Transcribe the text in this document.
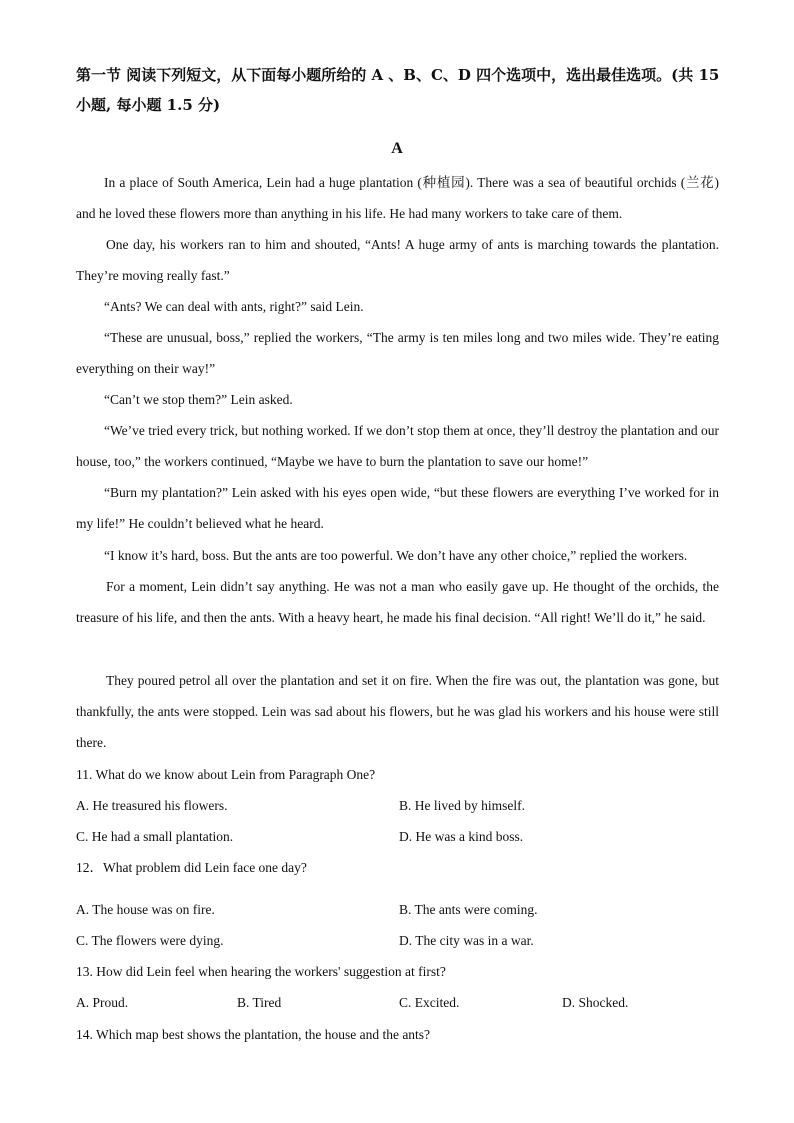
第一节 阅读下列短文，从下面每小题所给的 A 、B、C、D 四个选项中，选出最佳选项。(共 15 小题, 每小题 1.5 分)
A
In a place of South America, Lein had a huge plantation (种植园). There was a sea of beautiful orchids (兰花) and he loved these flowers more than anything in his life. He had many workers to take care of them.
One day, his workers ran to him and shouted, “Ants! A huge army of ants is marching towards the plantation. They’re moving really fast.”
“Ants? We can deal with ants, right?” said Lein.
“These are unusual, boss,” replied the workers, “The army is ten miles long and two miles wide. They’re eating everything on their way!”
“Can’t we stop them?” Lein asked.
“We’ve tried every trick, but nothing worked. If we don’t stop them at once, they’ll destroy the plantation and our house, too,” the workers continued, “Maybe we have to burn the plantation to save our home!”
“Burn my plantation?” Lein asked with his eyes open wide, “but these flowers are everything I’ve worked for in my life!” He couldn’t believed what he heard.
“I know it’s hard, boss. But the ants are too powerful. We don’t have any other choice,” replied the workers.
For a moment, Lein didn’t say anything. He was not a man who easily gave up. He thought of the orchids, the treasure of his life, and then the ants. With a heavy heart, he made his final decision. “All right! We’ll do it,” he said.
They poured petrol all over the plantation and set it on fire. When the fire was out, the plantation was gone, but thankfully, the ants were stopped. Lein was sad about his flowers, but he was glad his workers and his house were still there.
11. What do we know about Lein from Paragraph One?
A. He treasured his flowers.	B. He lived by himself.
C. He had a small plantation.	D. He was a kind boss.
12．What problem did Lein face one day?
A. The house was on fire.	B. The ants were coming.
C. The flowers were dying.	D. The city was in a war.
13. How did Lein feel when hearing the workers' suggestion at first?
A. Proud.	B. Tired	C. Excited.	D. Shocked.
14. Which map best shows the plantation, the house and the ants?
